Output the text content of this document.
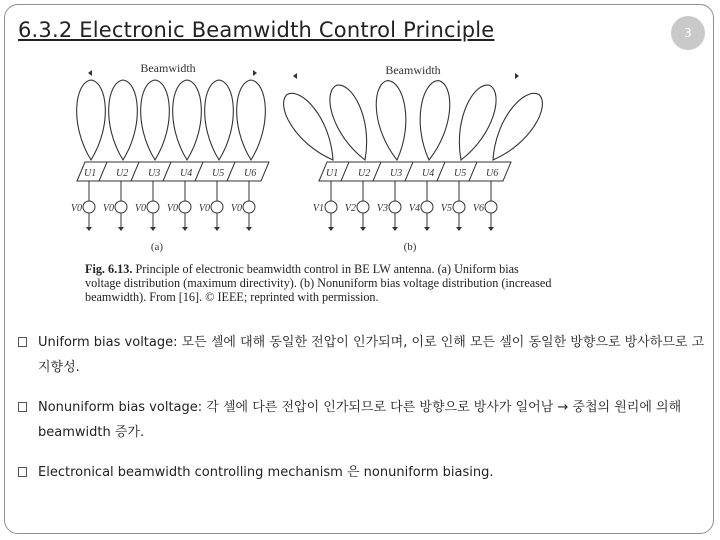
6.3.2 Electronic Beamwidth Control Principle	3
Beamwidth
U1 U2 U3 U4 U5 U6
V0 V0 V0 V0 V0 V0
(a)
Beamwidth
U1 U2 U3 U4 U5 U6
V1 V2 V3 V4 V5 V6
(b)
Fig. 6.13. Principle of electronic beamwidth control in BE LW antenna. (a) Uniform bias voltage distribution (maximum directivity). (b) Nonuniform bias voltage distribution (increased beamwidth). From [16]. © IEEE; reprinted with permission.
Uniform bias voltage: 모든 셀에 대해 동일한 전압이 인가되며, 이로 인해 모든 셀이 동일한 방향으로 방사하므로 고지향성.
Nonuniform bias voltage: 각 셀에 다른 전압이 인가되므로 다른 방향으로 방사가 일어남 → 중첩의 원리에 의해 beamwidth 증가.
Electronical beamwidth controlling mechanism 은 nonuniform biasing.
